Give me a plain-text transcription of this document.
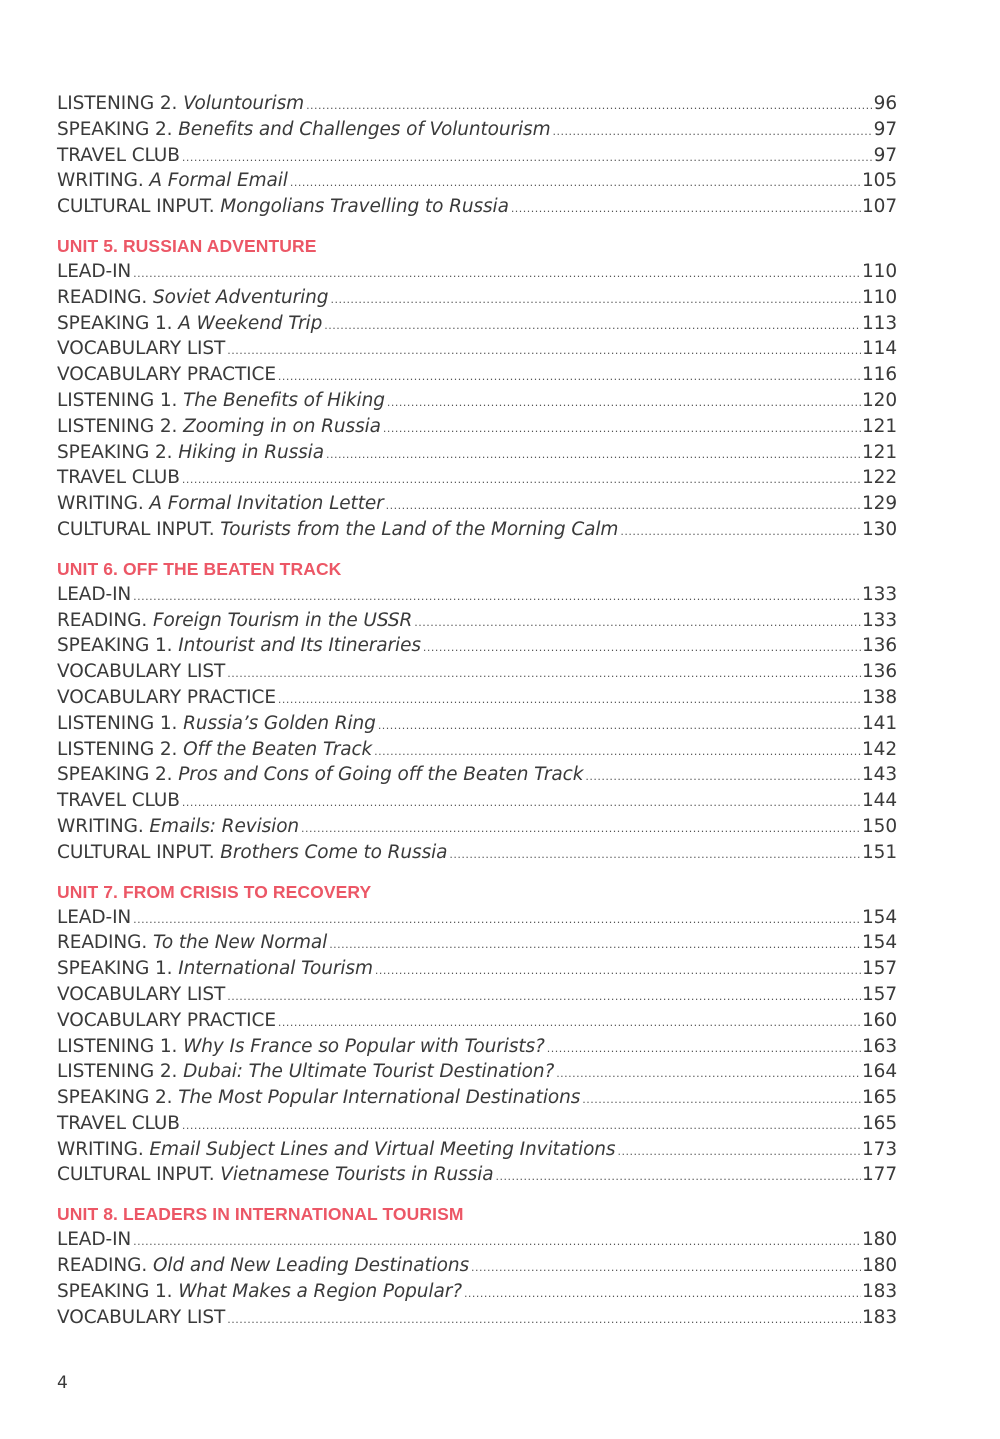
LISTENING 2. Voluntourism .....	96
SPEAKING 2. Benefits and Challenges of Voluntourism .....	97
TRAVEL CLUB .....	97
WRITING. A Formal Email .....	105
CULTURAL INPUT. Mongolians Travelling to Russia .....	107
UNIT 5. RUSSIAN ADVENTURE
LEAD-IN .....	110
READING. Soviet Adventuring .....	110
SPEAKING 1. A Weekend Trip .....	113
VOCABULARY LIST .....	114
VOCABULARY PRACTICE .....	116
LISTENING 1. The Benefits of Hiking .....	120
LISTENING 2. Zooming in on Russia .....	121
SPEAKING 2. Hiking in Russia .....	121
TRAVEL CLUB .....	122
WRITING. A Formal Invitation Letter .....	129
CULTURAL INPUT. Tourists from the Land of the Morning Calm .....	130
UNIT 6. OFF THE BEATEN TRACK
LEAD-IN .....	133
READING. Foreign Tourism in the USSR .....	133
SPEAKING 1. Intourist and Its Itineraries .....	136
VOCABULARY LIST .....	136
VOCABULARY PRACTICE .....	138
LISTENING 1. Russia’s Golden Ring .....	141
LISTENING 2. Off the Beaten Track .....	142
SPEAKING 2. Pros and Cons of Going off the Beaten Track .....	143
TRAVEL CLUB .....	144
WRITING. Emails: Revision .....	150
CULTURAL INPUT. Brothers Come to Russia .....	151
UNIT 7. FROM CRISIS TO RECOVERY
LEAD-IN .....	154
READING. To the New Normal .....	154
SPEAKING 1. International Tourism .....	157
VOCABULARY LIST .....	157
VOCABULARY PRACTICE .....	160
LISTENING 1. Why Is France so Popular with Tourists? .....	163
LISTENING 2. Dubai: The Ultimate Tourist Destination? .....	164
SPEAKING 2. The Most Popular International Destinations .....	165
TRAVEL CLUB .....	165
WRITING. Email Subject Lines and Virtual Meeting Invitations .....	173
CULTURAL INPUT. Vietnamese Tourists in Russia .....	177
UNIT 8. LEADERS IN INTERNATIONAL TOURISM
LEAD-IN .....	180
READING. Old and New Leading Destinations .....	180
SPEAKING 1. What Makes a Region Popular? .....	183
VOCABULARY LIST .....	183
4
